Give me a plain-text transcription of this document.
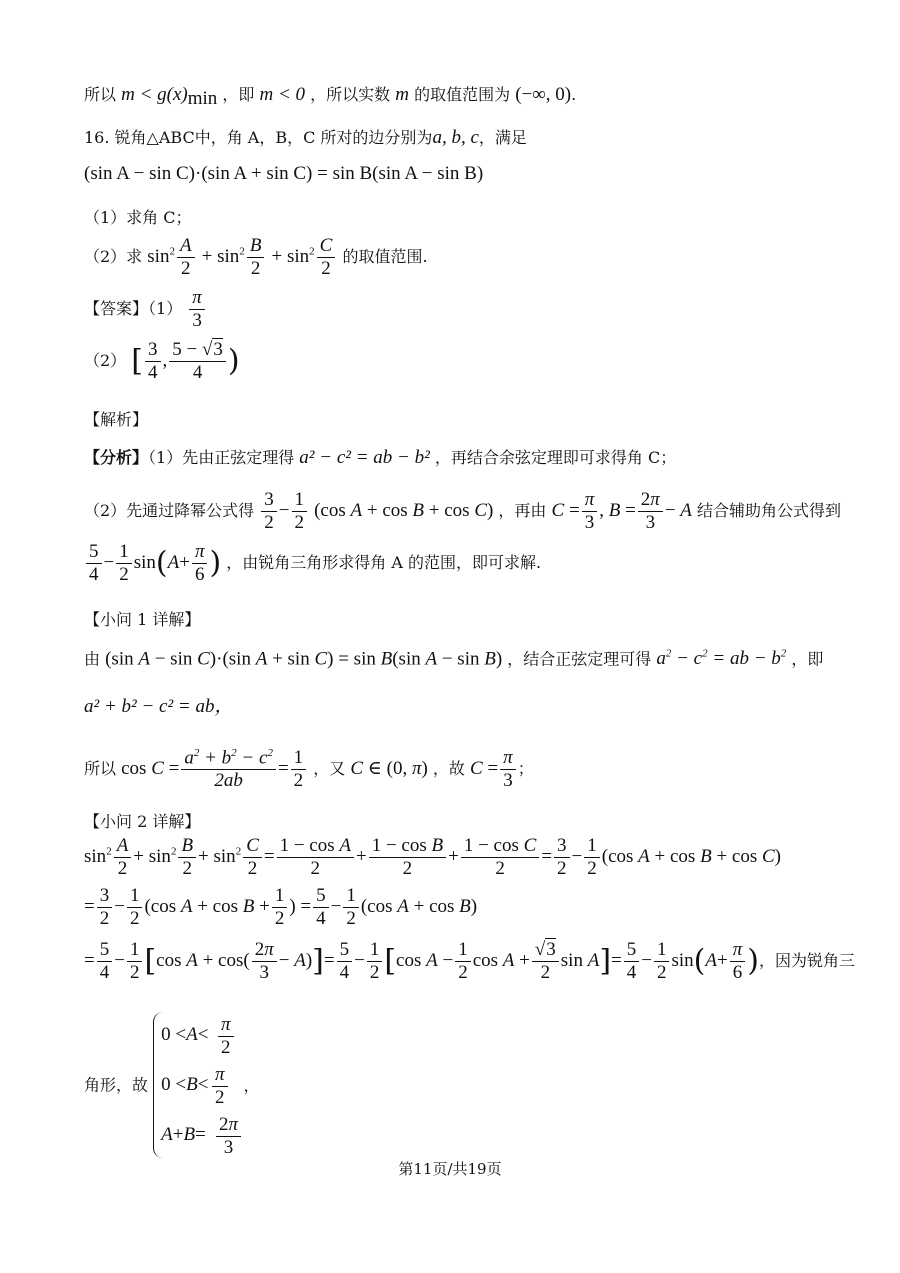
所以 $m < g(x)_{min}$ ，即 m < 0 ，所以实数 m 的取值范围为 (−∞, 0).
16. 锐角△ABC中，角 A，B，C 所对的边分别为a, b, c，满足
(sin A − sin C)·(sin A + sin C) = sin B(sin A − sin B)
（1）求角 C；
（2）求 $\sin^2 \frac{A}{2} + \sin^2 \frac{B}{2} + \sin^2 \frac{C}{2}$ 的取值范围.
【答案】$(1) \frac{\pi}{3}$
（2） [ $\frac{3}{4}$ , $\frac{5 - √3}{4}$ )
【解析】
【分析】（1）先由正弦定理得 a² − c² = ab − b² ，再结合余弦定理即可求得角 C；
（2）先通过降幂公式得 $\frac{3}{2} - \frac{1}{2} (\cos$ A + cos B + cos C) ，再由 $C = \frac{\pi}{3}$ , $B = \frac{2\pi}{3} - A$ 结合辅助角公式得到
$\frac{5}{4} - \frac{1}{2} \sin(A+ \frac{\pi}{6}$ ) ，由锐角三角形求得角 A 的范围，即可求解.
【小问 1 详解】
由 (sin A − sin C)·(sin A + sin C) = sin B(sin A − sin B) ，结合正弦定理可得 $a^2 - c^2$ = ab − $b^2$ ，即
a² + b² − c² = ab，
所以 $\cos C = \frac{a^2 + b^2 - c^2}{2ab} = \frac{1}{2}$ ，又 C ∈ (0, π) ，故 $C = \frac{\pi}{3}$ ；
【小问 2 详解】
$\sin^2 \frac{A}{2} + \sin^2 \frac{B}{2} + \sin^2 \frac{C}{2} = \frac{\text{1 − cos A}}{2} + \frac{\text{1 − cos B}}{2} + \frac{\text{1 − cos C}}{2} = \frac{3}{2} - \frac{1}{2} (\cos$ A + cos B + cos C)
= $\frac{3}{2} - \frac{1}{2} (\cos$ $A + \cos B + \frac{1}{2}$ ) = $\frac{5}{4} - \frac{1}{2} (\cos$ A + cos B)
= $\frac{5}{4} - \frac{1}{2} [\cos$ $A + \cos( \frac{2\pi}{3} - A)]= \frac{5}{4} - \frac{1}{2} [\cos$ $A - \frac{1}{2}$ $\cos A + \frac{√3}{2}$ $\sin A]= \frac{5}{4} - \frac{1}{2} \sin(A+ \frac{\pi}{6}$ )，因为锐角三
角形，故
0 < A <
0 < B <
A + B =
$\frac{\pi}{2}$
$\frac{\pi}{2}$ ，
$\frac{2\pi}{3}$
第11页/共19页
